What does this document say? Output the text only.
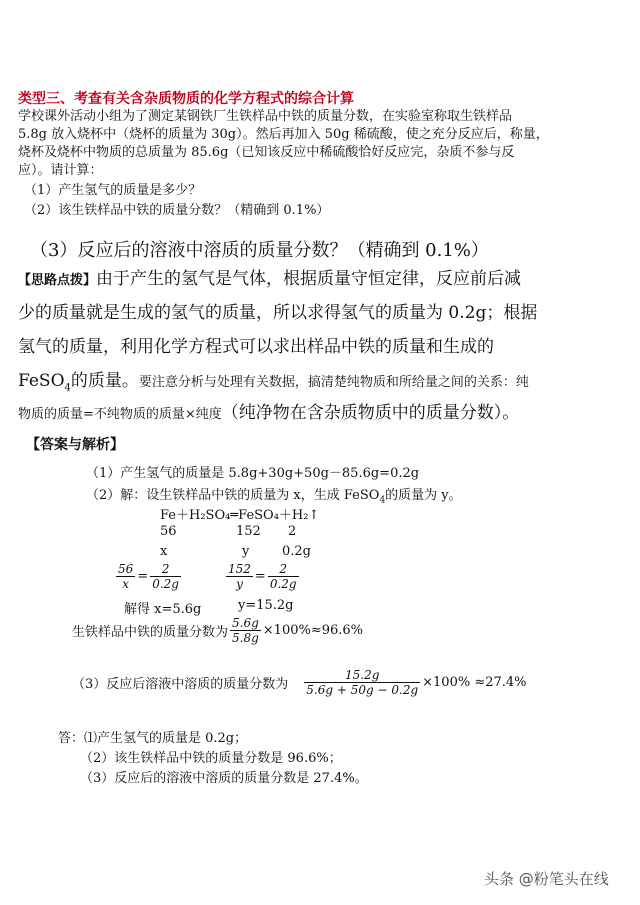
类型三、考查有关含杂质物质的化学方程式的综合计算
学校课外活动小组为了测定某钢铁厂生铁样品中铁的质量分数，在实验室称取生铁样品
5.8g 放入烧杯中（烧杯的质量为 30g）。然后再加入 50g 稀硫酸，使之充分反应后，称量，
烧杯及烧杯中物质的总质量为 85.6g（已知该反应中稀硫酸恰好反应完，杂质不参与反
应）。请计算：
（1）产生氢气的质量是多少？
（2）该生铁样品中铁的质量分数？（精确到 0.1%）
（3）反应后的溶液中溶质的质量分数？（精确到 0.1%）
【思路点拨】由于产生的氢气是气体，根据质量守恒定律，反应前后减
少的质量就是生成的氢气的质量，所以求得氢气的质量为 0.2g；根据
氢气的质量，利用化学方程式可以求出样品中铁的质量和生成的
FeSO$_4$的质量。要注意分析与处理有关数据，搞清楚纯物质和所给量之间的关系：纯
物质的质量=不纯物质的质量×纯度（纯净物在含杂质物质中的质量分数）。
【答案与解析】
（1）产生氢气的质量是 5.8g+30g+50g－85.6g=0.2g
（2）解：设生铁样品中铁的质量为 x，生成 FeSO$_4$的质量为 y。
Fe＋H₂SO₄═FeSO₄＋H₂↑
56	152 2
x	y	0.2g
$\frac{56}{x} = \frac{2}{0.2g}$	$\frac{152}{y} = \frac{2}{0.2g}$
解得 x=5.6g	y=15.2g
生铁样品中铁的质量分数为 $\frac{5.6g}{5.8g} \times 100\%\approx 96.6\%$
（3）反应后溶液中溶质的质量分数为 $\frac{15.2g}{5.6g + 50g - 0.2g} \times 100\% \approx 27.4\%$
答：⑴产生氢气的质量是 0.2g；
（2）该生铁样品中铁的质量分数是 96.6%；
（3）反应后的溶液中溶质的质量分数是 27.4%。
头条 @粉笔头在线
